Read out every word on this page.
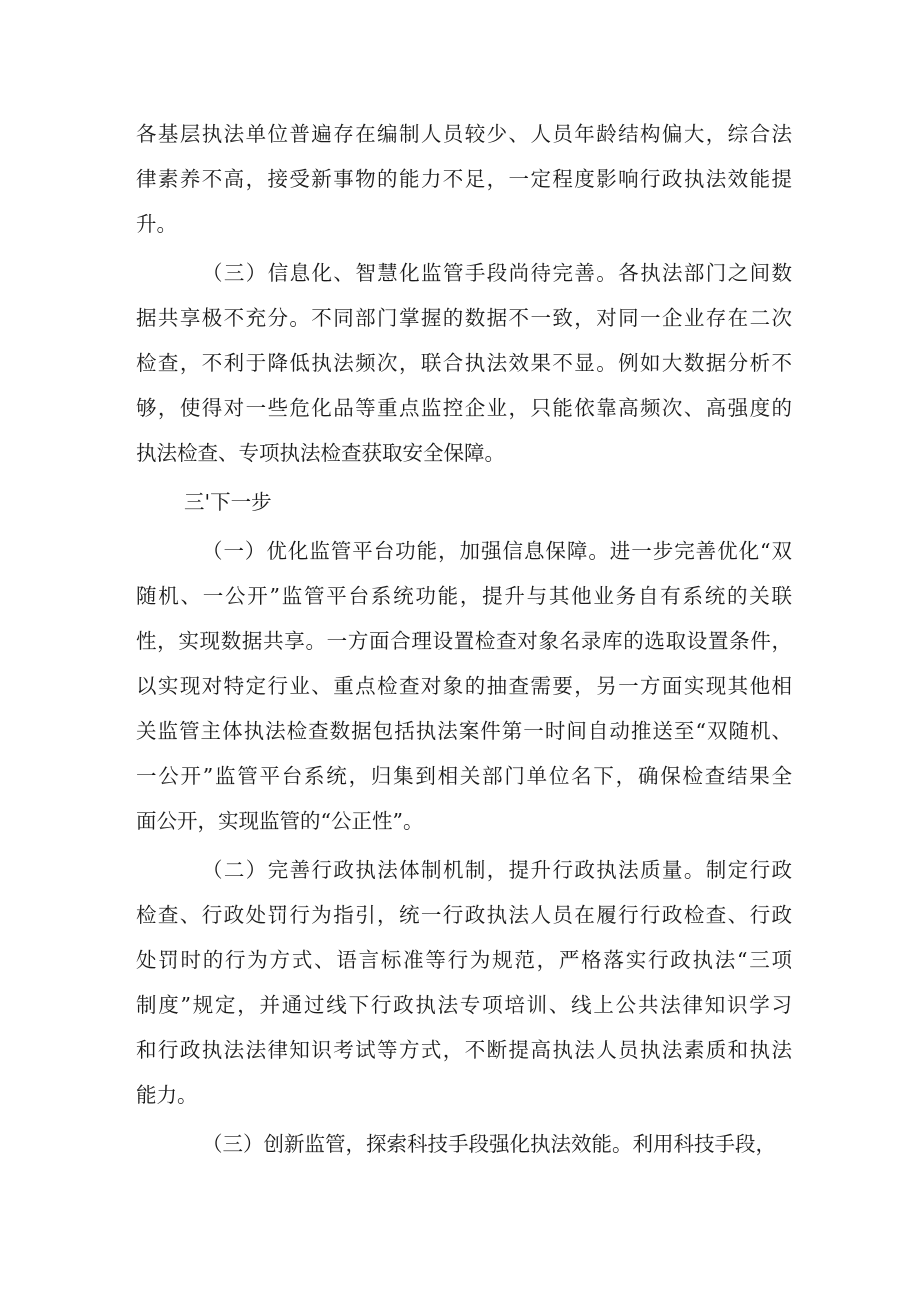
各基层执法单位普遍存在编制人员较少、人员年龄结构偏大，综合法
律素养不高，接受新事物的能力不足，一定程度影响行政执法效能提
升。
（三）信息化、智慧化监管手段尚待完善。各执法部门之间数
据共享极不充分。不同部门掌握的数据不一致，对同一企业存在二次
检查，不利于降低执法频次，联合执法效果不显。例如大数据分析不
够，使得对一些危化品等重点监控企业，只能依靠高频次、高强度的
执法检查、专项执法检查获取安全保障。
三'下一步
（一）优化监管平台功能，加强信息保障。进一步完善优化“双
随机、一公开”监管平台系统功能，提升与其他业务自有系统的关联
性，实现数据共享。一方面合理设置检查对象名录库的选取设置条件，
以实现对特定行业、重点检查对象的抽查需要，另一方面实现其他相
关监管主体执法检查数据包括执法案件第一时间自动推送至“双随机、
一公开”监管平台系统，归集到相关部门单位名下，确保检查结果全
面公开，实现监管的“公正性”。
（二）完善行政执法体制机制，提升行政执法质量。制定行政
检查、行政处罚行为指引，统一行政执法人员在履行行政检查、行政
处罚时的行为方式、语言标准等行为规范，严格落实行政执法“三项
制度”规定，并通过线下行政执法专项培训、线上公共法律知识学习
和行政执法法律知识考试等方式，不断提高执法人员执法素质和执法
能力。
（三）创新监管，探索科技手段强化执法效能。利用科技手段，
